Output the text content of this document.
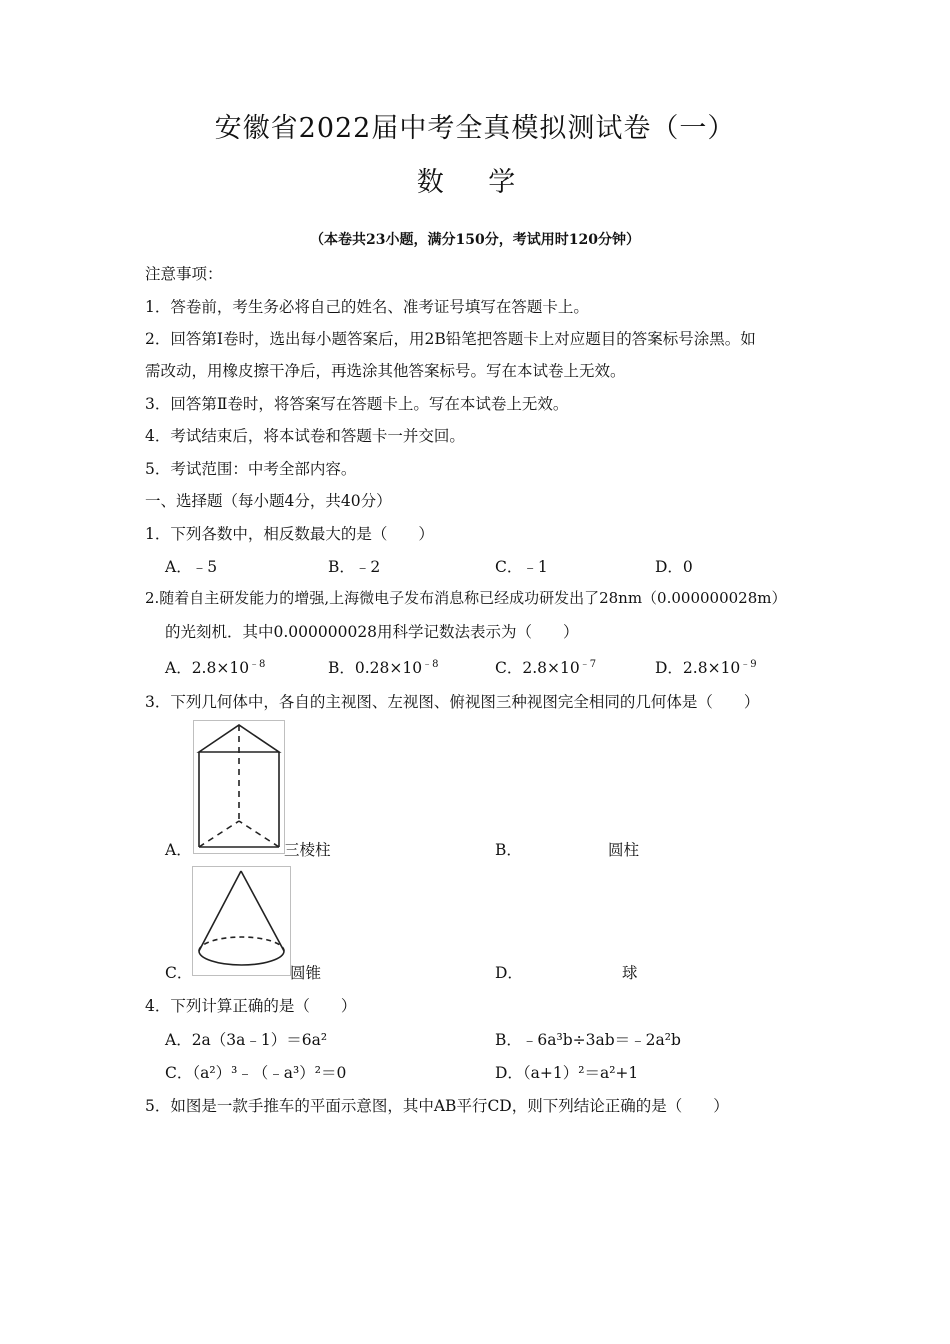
安徽省2022届中考全真模拟测试卷（一）
数 学
（本卷共23小题，满分150分，考试用时120分钟）
注意事项：
1．答卷前，考生务必将自己的姓名、准考证号填写在答题卡上。
2．回答第Ⅰ卷时，选出每小题答案后，用2B铅笔把答题卡上对应题目的答案标号涂黑。如
需改动，用橡皮擦干净后，再选涂其他答案标号。写在本试卷上无效。
3．回答第Ⅱ卷时，将答案写在答题卡上。写在本试卷上无效。
4．考试结束后，将本试卷和答题卡一并交回。
5．考试范围：中考全部内容。
一、选择题（每小题4分，共40分）
1．下列各数中，相反数最大的是（　　）
A．﹣5	B．﹣2	C．﹣1	D．0
2.随着自主研发能力的增强,上海微电子发布消息称已经成功研发出了28nm（0.000000028m）
的光刻机．其中0.000000028用科学记数法表示为（　　）
A．$2.8\times 10^{﹣8}$	B．$0.28\times 10^{﹣8}$	C．$2.8\times 10^{﹣7}$	D．$2.8\times 10^{﹣9}$
3．下列几何体中，各自的主视图、左视图、俯视图三种视图完全相同的几何体是（　　）
A．	三棱柱	B．	圆柱
C．	圆锥	D．	球
4．下列计算正确的是（　　）
A．2a（3a﹣1）＝6a²	B．﹣6a³b÷3ab＝﹣2a²b
C．（a²）³﹣（﹣a³）²＝0	D．（a+1）²＝a²+1
5．如图是一款手推车的平面示意图，其中AB平行CD，则下列结论正确的是（　　）
